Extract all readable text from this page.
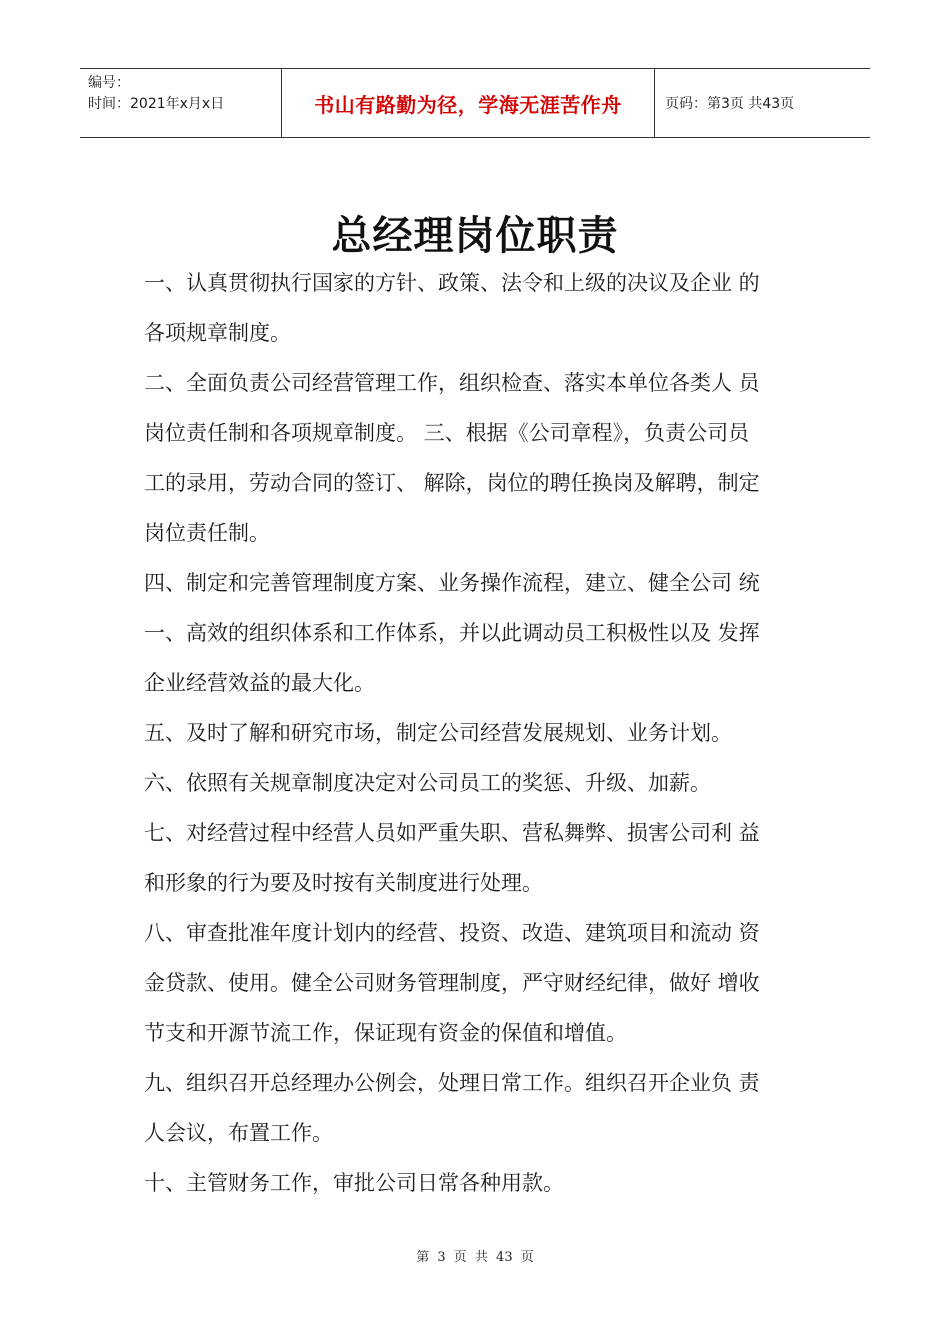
编号：
时间：2021年x月x日	书山有路勤为径，学海无涯苦作舟	页码：第3页 共43页
总经理岗位职责
一、认真贯彻执行国家的方针、政策、法令和上级的决议及企业 的
各项规章制度。
二、全面负责公司经营管理工作，组织检查、落实本单位各类人 员
岗位责任制和各项规章制度。 三、根据《公司章程》，负责公司员
工的录用，劳动合同的签订、 解除，岗位的聘任换岗及解聘，制定
岗位责任制。
四、制定和完善管理制度方案、业务操作流程，建立、健全公司 统
一、高效的组织体系和工作体系，并以此调动员工积极性以及 发挥
企业经营效益的最大化。
五、及时了解和研究市场，制定公司经营发展规划、业务计划。
六、依照有关规章制度决定对公司员工的奖惩、升级、加薪。
七、对经营过程中经营人员如严重失职、营私舞弊、损害公司利 益
和形象的行为要及时按有关制度进行处理。
八、审查批准年度计划内的经营、投资、改造、建筑项目和流动 资
金贷款、使用。健全公司财务管理制度，严守财经纪律，做好 增收
节支和开源节流工作，保证现有资金的保值和增值。
九、组织召开总经理办公例会，处理日常工作。组织召开企业负 责
人会议，布置工作。
十、主管财务工作，审批公司日常各种用款。
第 3 页 共 43 页
